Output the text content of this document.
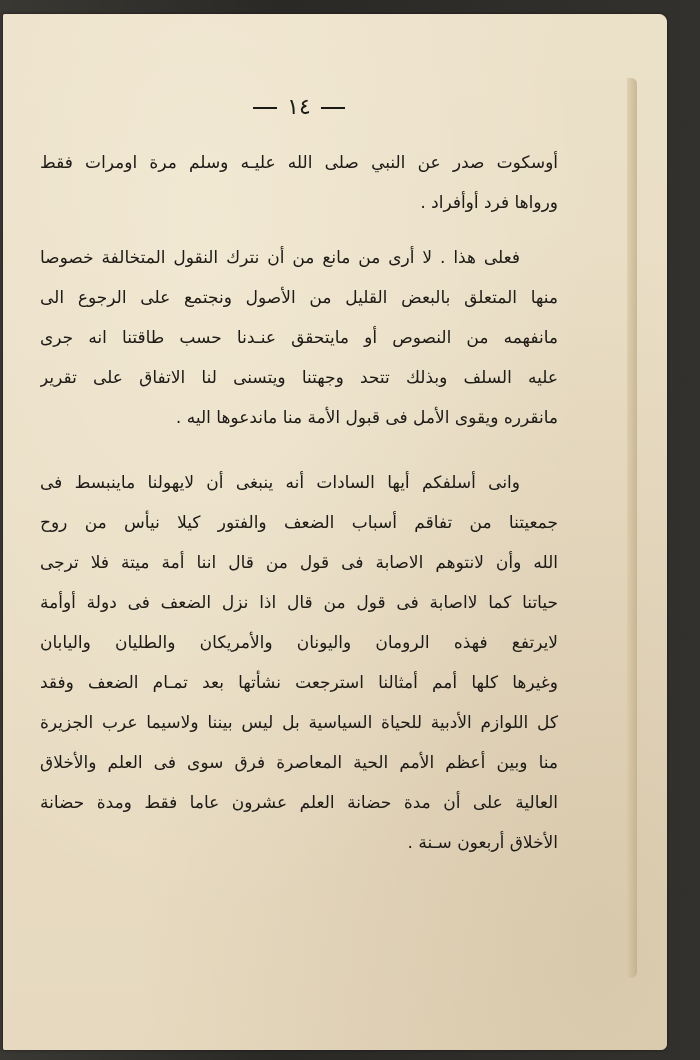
١٤
أوسكوت صدر عن النبي صلى الله عليـه وسلم مرة اومرات فقط
ورواها فرد أوأفراد .
فعلى هذا . لا أرى من مانع من أن نترك النقول المتخالفة خصوصا
منها المتعلق بالبعض القليل من الأصول ونجتمع على الرجوع الى
مانفهمه من النصوص أو مايتحقق عنـدنا حسب طاقتنا انه جرى
عليه السلف وبذلك تتحد وجهتنا ويتسنى لنا الاتفاق على تقرير
مانقرره ويقوى الأمل فى قبول الأمة منا ماندعوها اليه .
وانى أسلفكم أيها السادات أنه ينبغى أن لايهولنا ماينبسط فى
جمعيتنا من تفاقم أسباب الضعف والفتور كيلا نيأس من روح
الله وأن لانتوهم الاصابة فى قول من قال اننا أمة ميتة فلا ترجى
حياتنا كما لااصابة فى قول من قال اذا نزل الضعف فى دولة أوأمة
لايرتفع فهذه الرومان واليونان والأمريكان والطليان واليابان
وغيرها كلها أمم أمثالنا استرجعت نشأتها بعد تمـام الضعف وفقد
كل اللوازم الأدبية للحياة السياسية بل ليس بيننا ولاسيما عرب الجزيرة
منا وبين أعظم الأمم الحية المعاصرة فرق سوى فى العلم والأخلاق
العالية على أن مدة حضانة العلم عشرون عاما فقط ومدة حضانة
الأخلاق أربعون سـنة .
